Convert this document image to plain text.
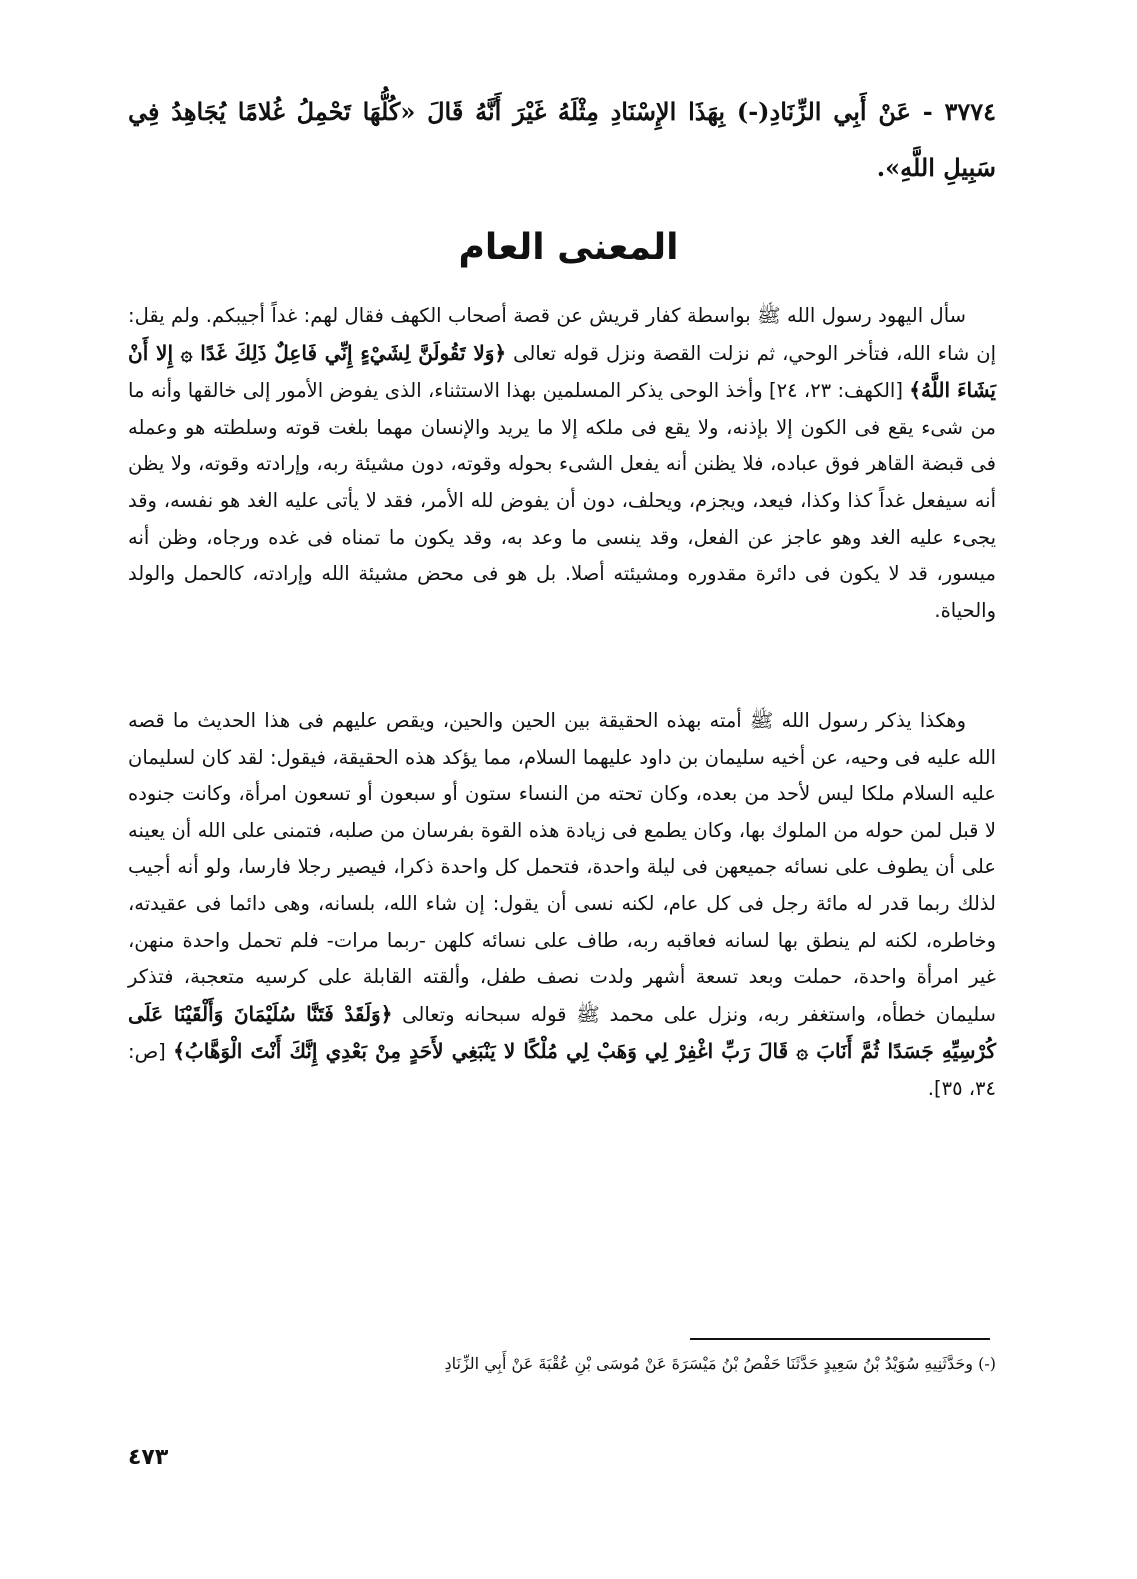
٣٧٧٤ - عَنْ أَبِي الزِّنَادِ(-) بِهَذَا الإِسْنَادِ مِثْلَهُ غَيْرَ أَنَّهُ قَالَ «كُلُّهَا تَحْمِلُ غُلامًا يُجَاهِدُ فِي سَبِيلِ اللَّهِ».
المعنى العام
سأل اليهود رسول الله ﷺ بواسطة كفار قريش عن قصة أصحاب الكهف فقال لهم: غداً أجيبكم. ولم يقل: إن شاء الله، فتأخر الوحي، ثم نزلت القصة ونزل قوله تعالى ﴿وَلا تَقُولَنَّ لِشَيْءٍ إِنِّي فَاعِلٌ ذَلِكَ غَدًا ۞ إِلا أَنْ يَشَاءَ اللَّهُ﴾ [الكهف: ٢٣، ٢٤] وأخذ الوحى يذكر المسلمين بهذا الاستثناء، الذى يفوض الأمور إلى خالقها وأنه ما من شىء يقع فى الكون إلا بإذنه، ولا يقع فى ملكه إلا ما يريد والإنسان مهما بلغت قوته وسلطته هو وعمله فى قبضة القاهر فوق عباده، فلا يظنن أنه يفعل الشىء بحوله وقوته، دون مشيئة ربه، وإرادته وقوته، ولا يظن أنه سيفعل غداً كذا وكذا، فيعد، ويجزم، ويحلف، دون أن يفوض لله الأمر، فقد لا يأتى عليه الغد هو نفسه، وقد يجىء عليه الغد وهو عاجز عن الفعل، وقد ينسى ما وعد به، وقد يكون ما تمناه فى غده ورجاه، وظن أنه ميسور، قد لا يكون فى دائرة مقدوره ومشيئته أصلا. بل هو فى محض مشيئة الله وإرادته، كالحمل والولد والحياة.
وهكذا يذكر رسول الله ﷺ أمته بهذه الحقيقة بين الحين والحين، ويقص عليهم فى هذا الحديث ما قصه الله عليه فى وحيه، عن أخيه سليمان بن داود عليهما السلام، مما يؤكد هذه الحقيقة، فيقول: لقد كان لسليمان عليه السلام ملكا ليس لأحد من بعده، وكان تحته من النساء ستون أو سبعون أو تسعون امرأة، وكانت جنوده لا قبل لمن حوله من الملوك بها، وكان يطمع فى زيادة هذه القوة بفرسان من صلبه، فتمنى على الله أن يعينه على أن يطوف على نسائه جميعهن فى ليلة واحدة، فتحمل كل واحدة ذكرا، فيصير رجلا فارسا، ولو أنه أجيب لذلك ربما قدر له مائة رجل فى كل عام، لكنه نسى أن يقول: إن شاء الله، بلسانه، وهى دائما فى عقيدته، وخاطره، لكنه لم ينطق بها لسانه فعاقبه ربه، طاف على نسائه كلهن -ربما مرات- فلم تحمل واحدة منهن، غير امرأة واحدة، حملت وبعد تسعة أشهر ولدت نصف طفل، وألقته القابلة على كرسيه متعجبة، فتذكر سليمان خطأه، واستغفر ربه، ونزل على محمد ﷺ قوله سبحانه وتعالى ﴿وَلَقَدْ فَتَنَّا سُلَيْمَانَ وَأَلْقَيْنَا عَلَى كُرْسِيِّهِ جَسَدًا ثُمَّ أَنَابَ ۞ قَالَ رَبِّ اغْفِرْ لِي وَهَبْ لِي مُلْكًا لا يَنْبَغِي لأَحَدٍ مِنْ بَعْدِي إِنَّكَ أَنْتَ الْوَهَّابُ﴾ [ص: ٣٤، ٣٥].
(-) وحَدَّثَنِيهِ سُوَيْدُ بْنُ سَعِيدٍ حَدَّثَنَا حَفْصُ بْنُ مَيْسَرَةَ عَنْ مُوسَى بْنِ عُقْبَةَ عَنْ أَبِي الزِّنَادِ
٤٧٣
